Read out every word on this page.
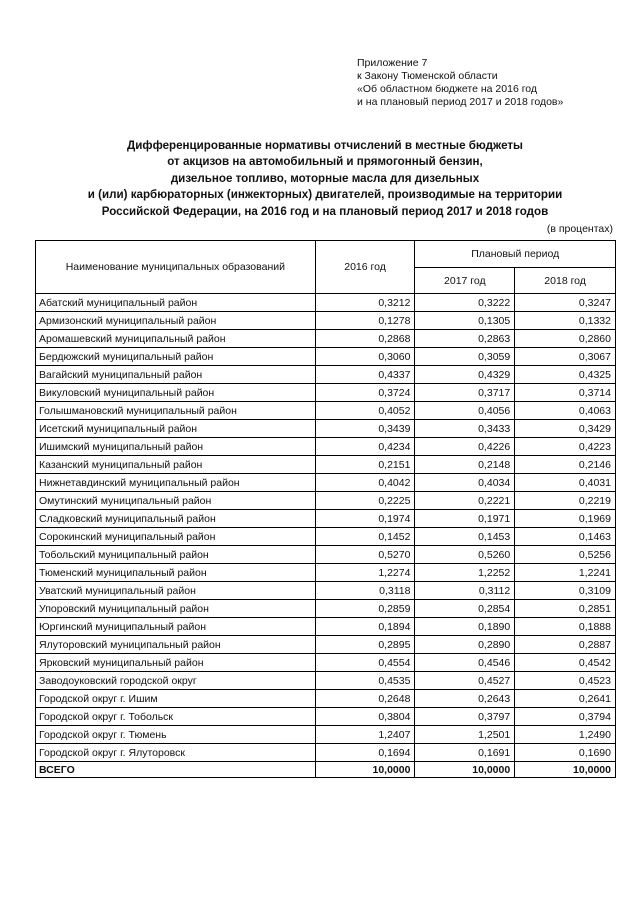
Приложение 7
к Закону Тюменской области
«Об областном бюджете на 2016 год
и на плановый период 2017 и 2018 годов»
Дифференцированные нормативы отчислений в местные бюджеты
от акцизов на автомобильный и прямогонный бензин,
дизельное топливо, моторные масла для дизельных
и (или) карбюраторных (инжекторных) двигателей, производимые на территории
Российской Федерации, на 2016 год и на плановый период 2017 и 2018 годов
(в процентах)
Наименование муниципальных образований	2016 год	Плановый период	
		2017 год	2018 год
Абатский муниципальный район	0,3212	0,3222	0,3247
Армизонский муниципальный район	0,1278	0,1305	0,1332
Аромашевский муниципальный район	0,2868	0,2863	0,2860
Бердюжский муниципальный район	0,3060	0,3059	0,3067
Вагайский муниципальный район	0,4337	0,4329	0,4325
Викуловский муниципальный район	0,3724	0,3717	0,3714
Голышмановский муниципальный район	0,4052	0,4056	0,4063
Исетский муниципальный район	0,3439	0,3433	0,3429
Ишимский муниципальный район	0,4234	0,4226	0,4223
Казанский муниципальный район	0,2151	0,2148	0,2146
Нижнетавдинский муниципальный район	0,4042	0,4034	0,4031
Омутинский муниципальный район	0,2225	0,2221	0,2219
Сладковский муниципальный район	0,1974	0,1971	0,1969
Сорокинский муниципальный район	0,1452	0,1453	0,1463
Тобольский муниципальный район	0,5270	0,5260	0,5256
Тюменский муниципальный район	1,2274	1,2252	1,2241
Уватский муниципальный район	0,3118	0,3112	0,3109
Упоровский муниципальный район	0,2859	0,2854	0,2851
Юргинский муниципальный район	0,1894	0,1890	0,1888
Ялуторовский муниципальный район	0,2895	0,2890	0,2887
Ярковский муниципальный район	0,4554	0,4546	0,4542
Заводоуковский городской округ	0,4535	0,4527	0,4523
Городской округ г. Ишим	0,2648	0,2643	0,2641
Городской округ г. Тобольск	0,3804	0,3797	0,3794
Городской округ г. Тюмень	1,2407	1,2501	1,2490
Городской округ г. Ялуторовск	0,1694	0,1691	0,1690
ВСЕГО	10,0000	10,0000	10,0000
